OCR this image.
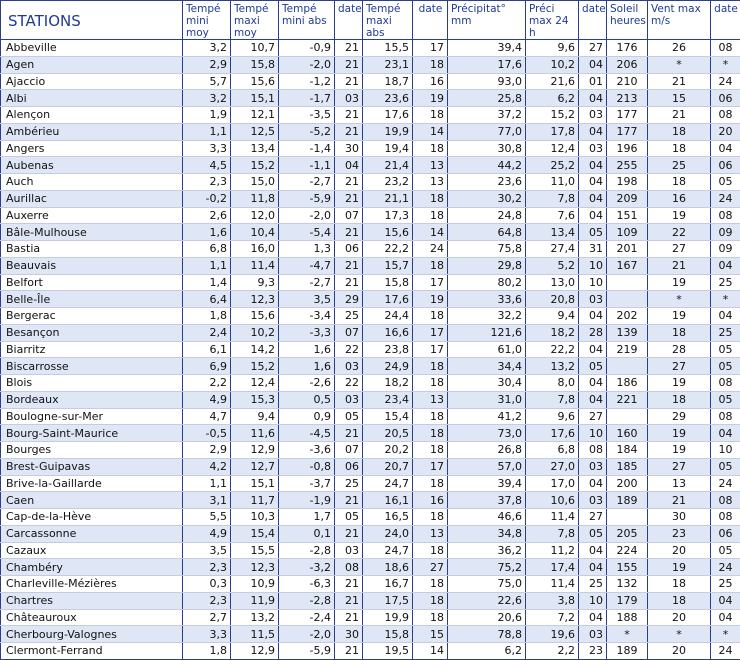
STATIONS	Tempé mini moy	Tempé maxi moy	Tempé mini abs	date	Tempé maxi abs	date	Précipitat° mm	Préci max 24 h	date	Soleil heures	Vent max m/s	date
Abbeville	3,2	10,7	-0,9	21	15,5	17	39,4	9,6	27	176	26	08
Agen	2,9	15,8	-2,0	21	23,1	18	17,6	10,2	04	206	*	*
Ajaccio	5,7	15,6	-1,2	21	18,7	16	93,0	21,6	01	210	21	24
Albi	3,2	15,1	-1,7	03	23,6	19	25,8	6,2	04	213	15	06
Alençon	1,9	12,1	-3,5	21	17,6	18	37,2	15,2	03	177	21	08
Ambérieu	1,1	12,5	-5,2	21	19,9	14	77,0	17,8	04	177	18	20
Angers	3,3	13,4	-1,4	30	19,4	18	30,8	12,4	03	196	18	04
Aubenas	4,5	15,2	-1,1	04	21,4	13	44,2	25,2	04	255	25	06
Auch	2,3	15,0	-2,7	21	23,2	13	23,6	11,0	04	198	18	05
Aurillac	-0,2	11,8	-5,9	21	21,1	18	30,2	7,8	04	209	16	24
Auxerre	2,6	12,0	-2,0	07	17,3	18	24,8	7,6	04	151	19	08
Bâle-Mulhouse	1,6	10,4	-5,4	21	15,6	14	64,8	13,4	05	109	22	09
Bastia	6,8	16,0	1,3	06	22,2	24	75,8	27,4	31	201	27	09
Beauvais	1,1	11,4	-4,7	21	15,7	18	29,8	5,2	10	167	21	04
Belfort	1,4	9,3	-2,7	21	15,8	17	80,2	13,0	10		19	25
Belle-Île	6,4	12,3	3,5	29	17,6	19	33,6	20,8	03		*	*
Bergerac	1,8	15,6	-3,4	25	24,4	18	32,2	9,4	04	202	19	04
Besançon	2,4	10,2	-3,3	07	16,6	17	121,6	18,2	28	139	18	25
Biarritz	6,1	14,2	1,6	22	23,8	17	61,0	22,2	04	219	28	05
Biscarrosse	6,9	15,2	1,6	03	24,9	18	34,4	13,2	05		27	05
Blois	2,2	12,4	-2,6	22	18,2	18	30,4	8,0	04	186	19	08
Bordeaux	4,9	15,3	0,5	03	23,4	13	31,0	7,8	04	221	18	05
Boulogne-sur-Mer	4,7	9,4	0,9	05	15,4	18	41,2	9,6	27		29	08
Bourg-Saint-Maurice	-0,5	11,6	-4,5	21	20,5	18	73,0	17,6	10	160	19	04
Bourges	2,9	12,9	-3,6	07	20,2	18	26,8	6,8	08	184	19	10
Brest-Guipavas	4,2	12,7	-0,8	06	20,7	17	57,0	27,0	03	185	27	05
Brive-la-Gaillarde	1,1	15,1	-3,7	25	24,7	18	39,4	17,0	04	200	13	24
Caen	3,1	11,7	-1,9	21	16,1	16	37,8	10,6	03	189	21	08
Cap-de-la-Hève	5,5	10,3	1,7	05	16,5	18	46,6	11,4	27		30	08
Carcassonne	4,9	15,4	0,1	21	24,0	13	34,8	7,8	05	205	23	06
Cazaux	3,5	15,5	-2,8	03	24,7	18	36,2	11,2	04	224	20	05
Chambéry	2,3	12,3	-3,2	08	18,6	27	75,2	17,4	04	155	19	24
Charleville-Mézières	0,3	10,9	-6,3	21	16,7	18	75,0	11,4	25	132	18	25
Chartres	2,3	11,9	-2,8	21	17,5	18	22,6	3,8	10	179	18	04
Châteauroux	2,7	13,2	-2,4	21	19,9	18	20,6	7,2	04	188	20	04
Cherbourg-Valognes	3,3	11,5	-2,0	30	15,8	15	78,8	19,6	03	*	*	*
Clermont-Ferrand	1,8	12,9	-5,9	21	19,5	14	6,2	2,2	23	189	20	24
